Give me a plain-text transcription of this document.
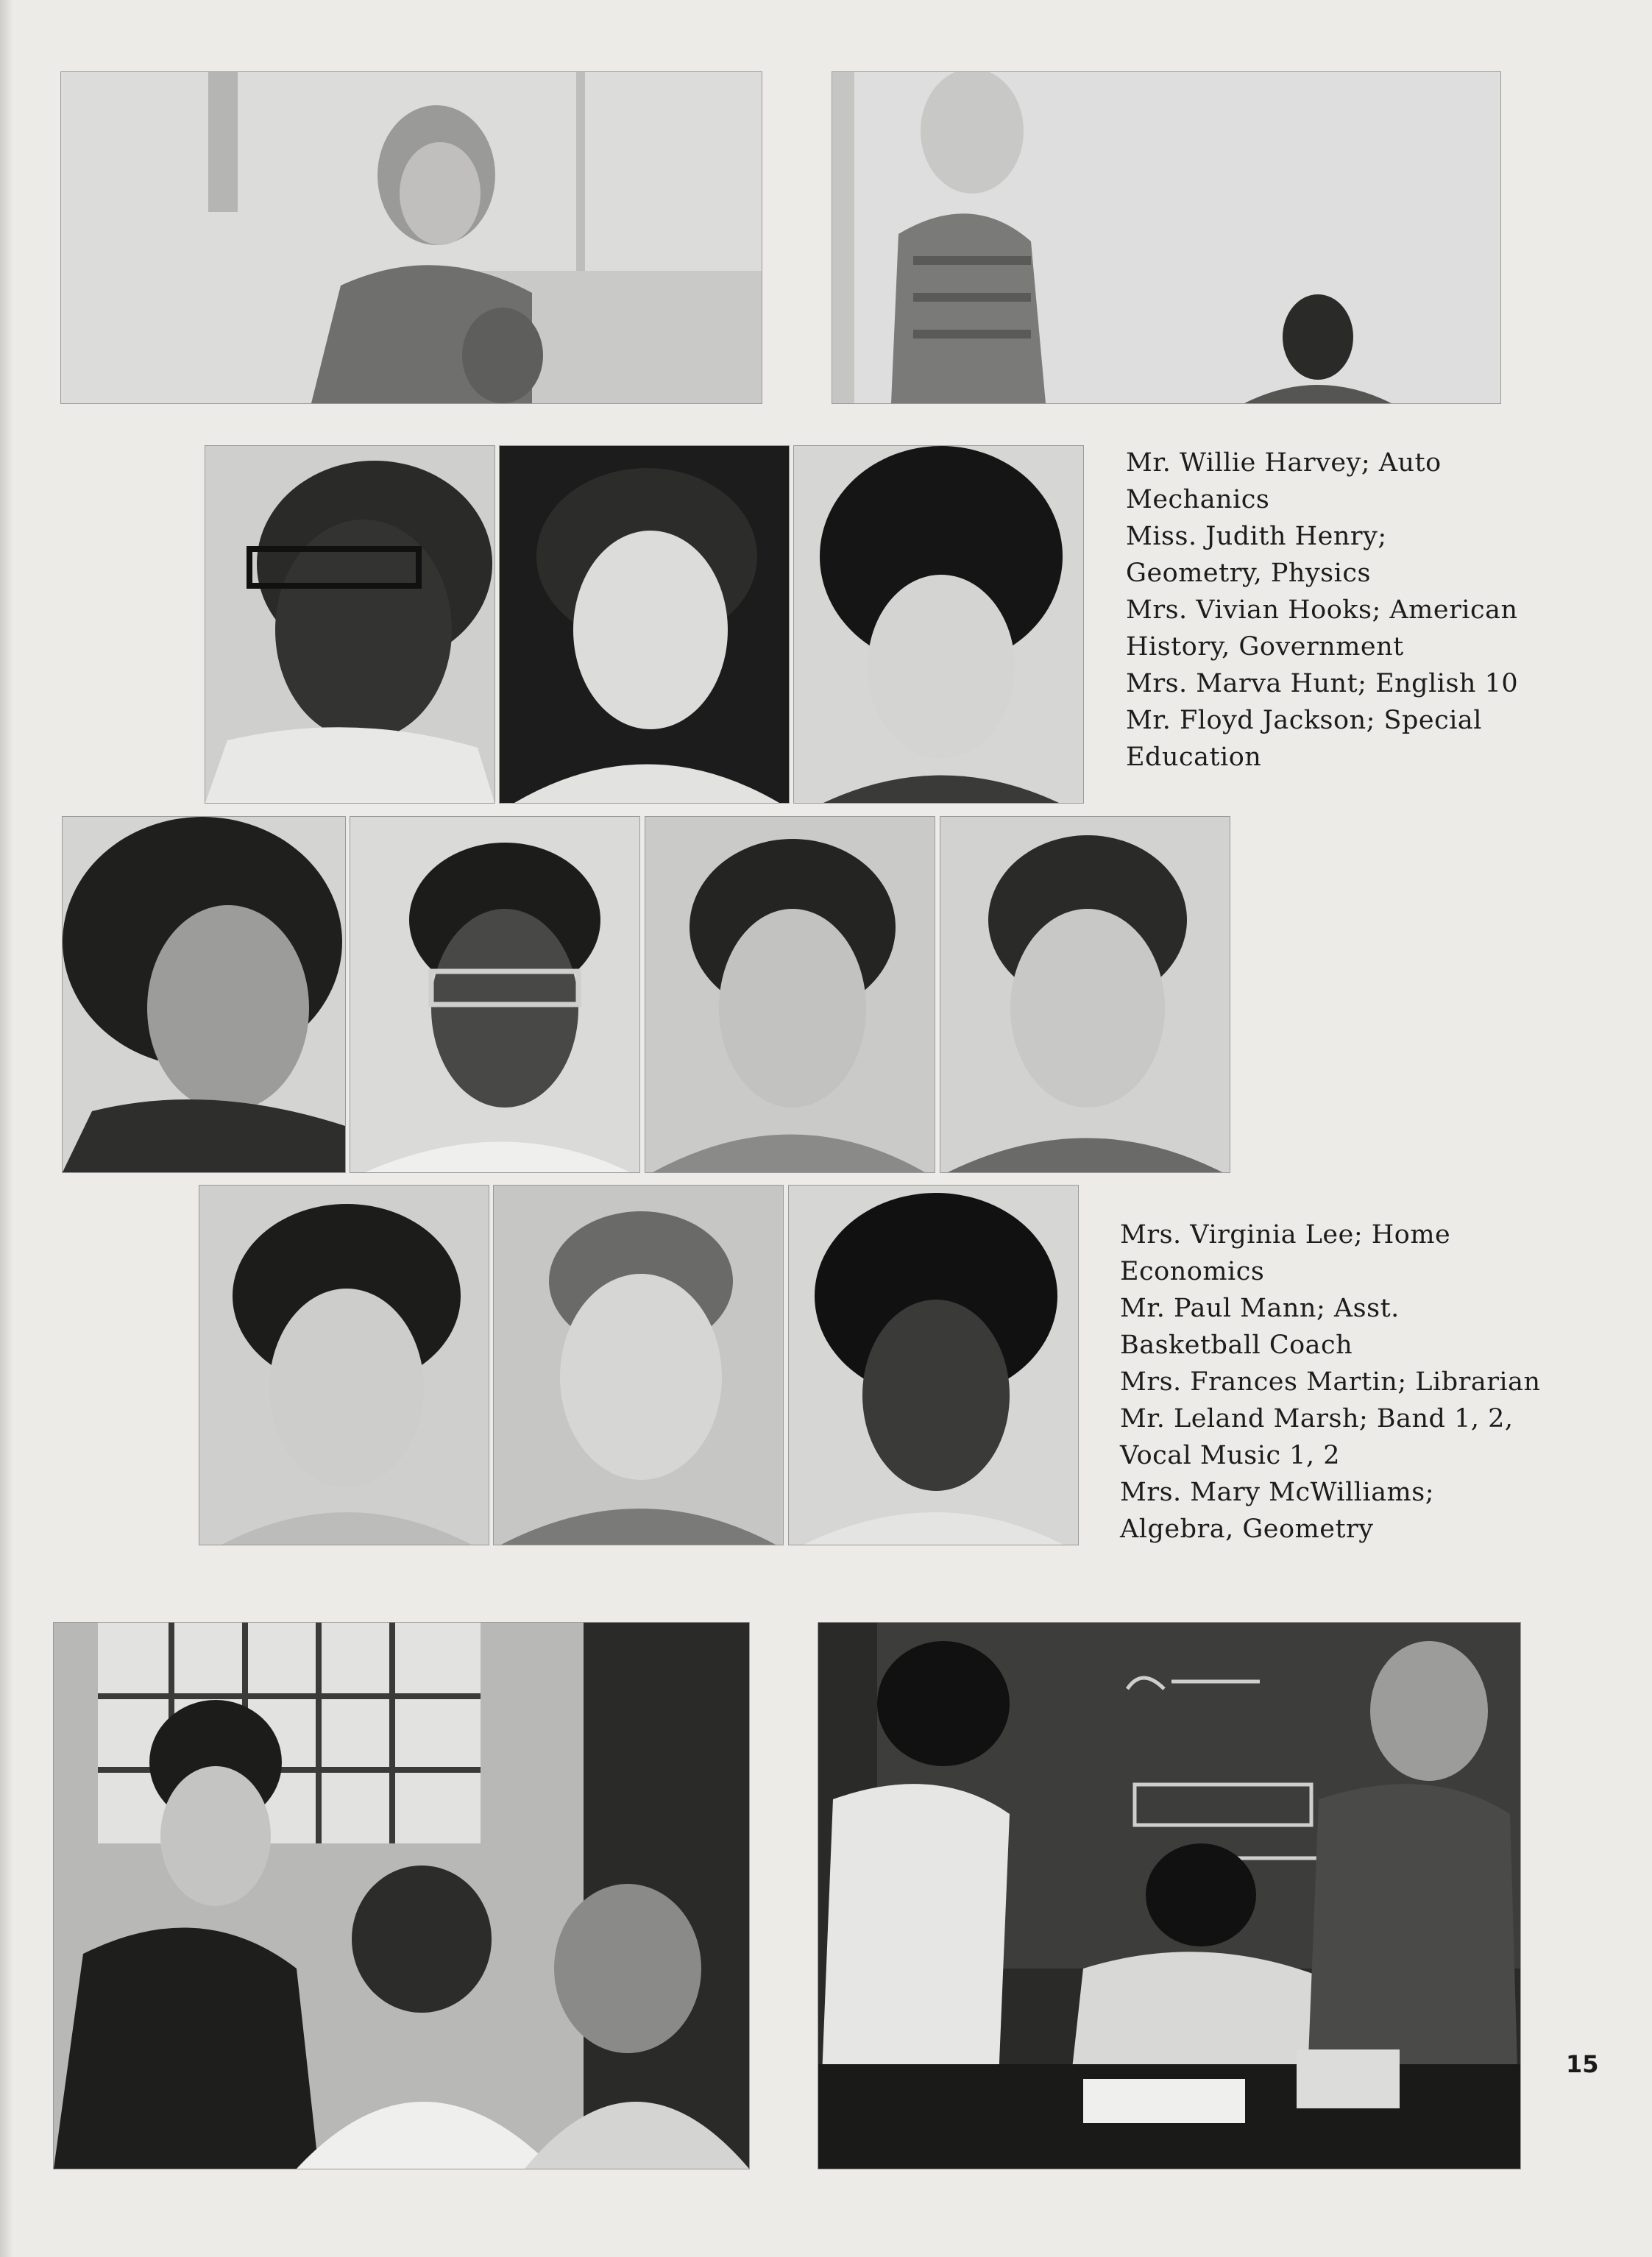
Mr. Willie Harvey; Auto
Mechanics
Miss. Judith Henry;
Geometry, Physics
Mrs. Vivian Hooks; American
History, Government
Mrs. Marva Hunt; English 10
Mr. Floyd Jackson; Special
Education
Mrs. Virginia Lee; Home
Economics
Mr. Paul Mann; Asst.
Basketball Coach
Mrs. Frances Martin; Librarian
Mr. Leland Marsh; Band 1, 2,
Vocal Music 1, 2
Mrs. Mary McWilliams;
Algebra, Geometry
15
